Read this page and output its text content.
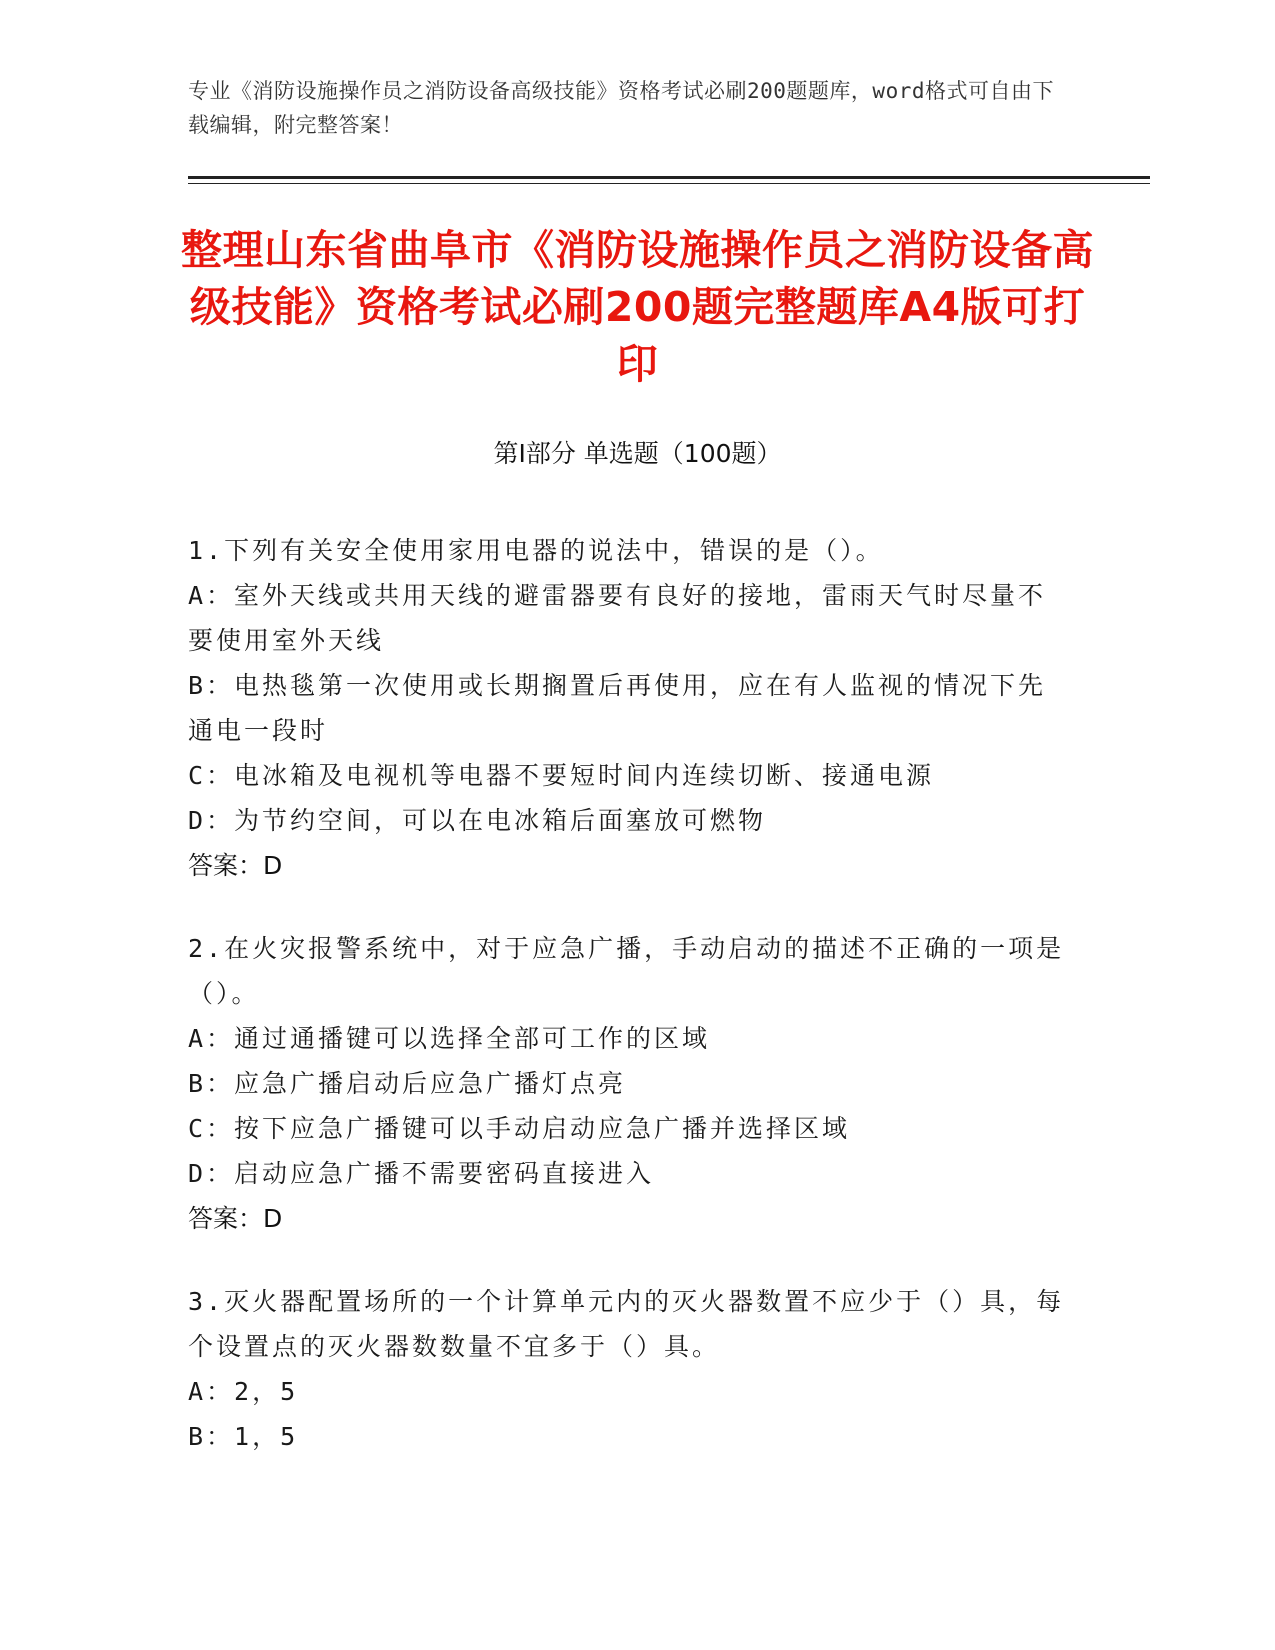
专业《消防设施操作员之消防设备高级技能》资格考试必刷200题题库，word格式可自由下载编辑，附完整答案！
整理山东省曲阜市《消防设施操作员之消防设备高级技能》资格考试必刷200题完整题库A4版可打印
第I部分 单选题（100题）
1.下列有关安全使用家用电器的说法中，错误的是（）。
A：室外天线或共用天线的避雷器要有良好的接地，雷雨天气时尽量不要使用室外天线
B：电热毯第一次使用或长期搁置后再使用，应在有人监视的情况下先通电一段时
C：电冰箱及电视机等电器不要短时间内连续切断、接通电源
D：为节约空间，可以在电冰箱后面塞放可燃物
答案：D
2.在火灾报警系统中，对于应急广播，手动启动的描述不正确的一项是（）。
A：通过通播键可以选择全部可工作的区域
B：应急广播启动后应急广播灯点亮
C：按下应急广播键可以手动启动应急广播并选择区域
D：启动应急广播不需要密码直接进入
答案：D
3.灭火器配置场所的一个计算单元内的灭火器数置不应少于（）具，每个设置点的灭火器数数量不宜多于（）具。
A：2，5
B：1，5
